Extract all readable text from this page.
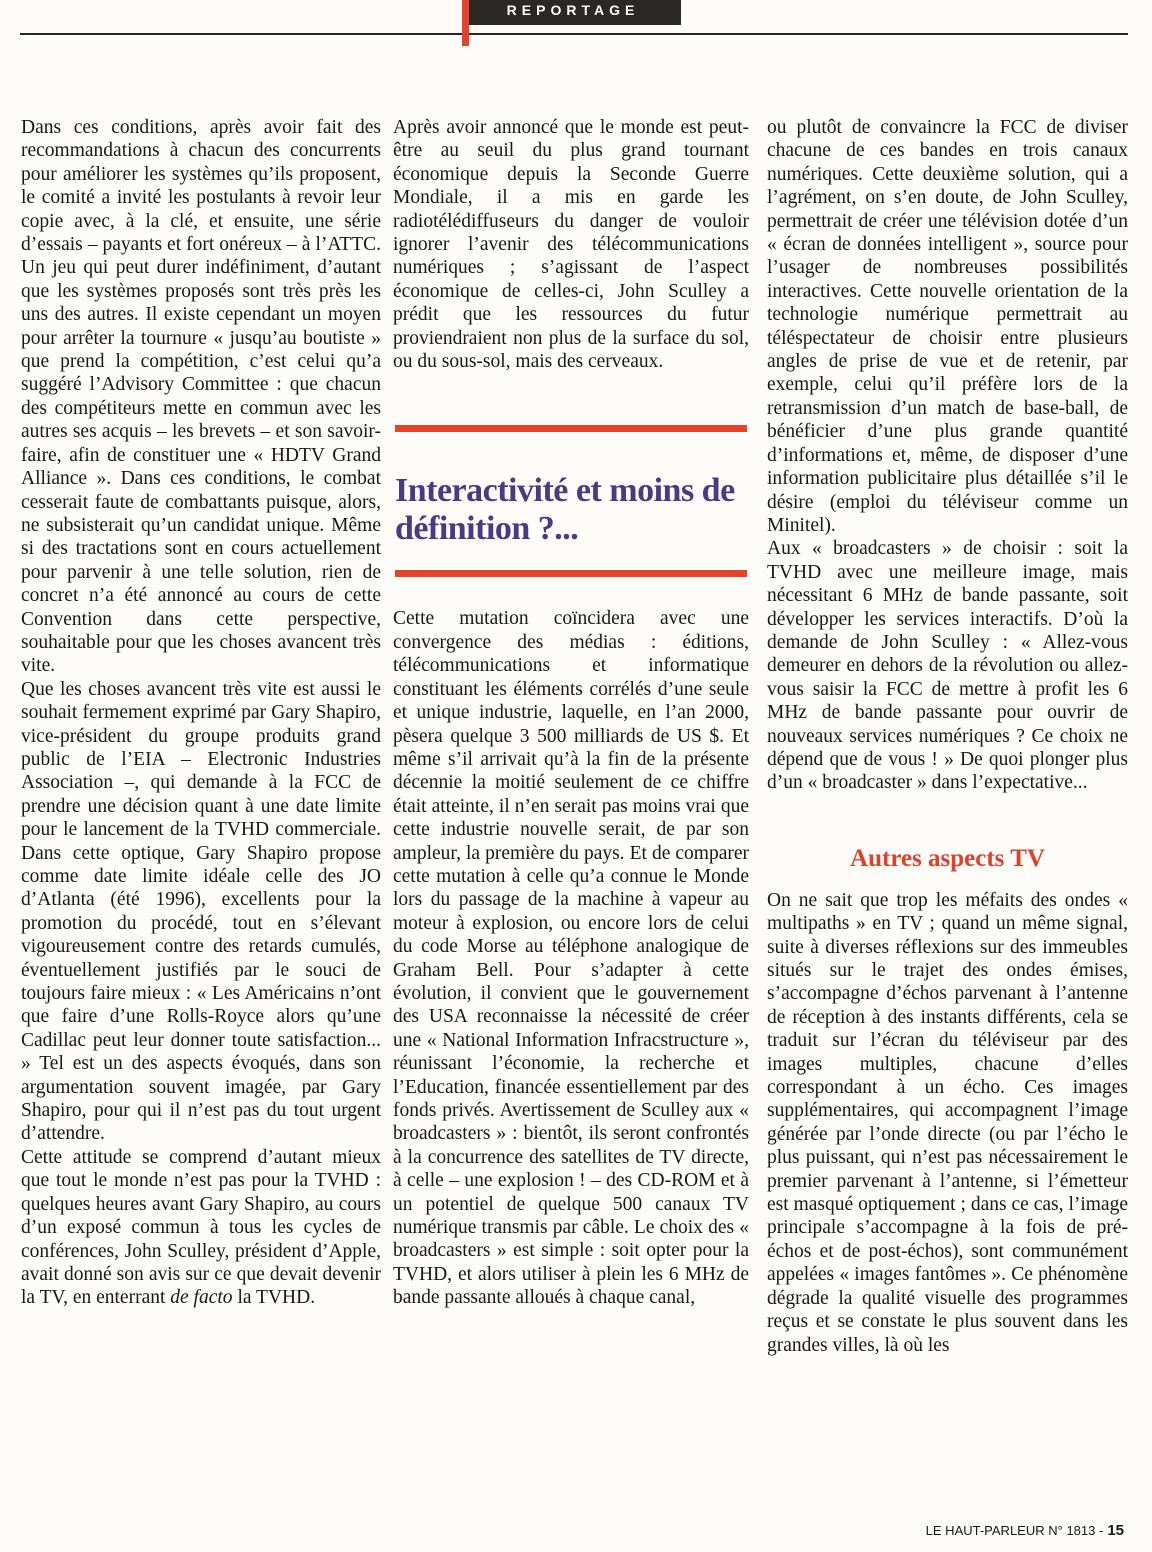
REPORTAGE

Dans ces conditions, après avoir fait des recommandations à chacun des concurrents pour améliorer les systèmes qu’ils proposent, le comité a invité les postulants à revoir leur copie avec, à la clé, et ensuite, une série d’essais – payants et fort onéreux – à l’ATTC. Un jeu qui peut durer indéfiniment, d’autant que les systèmes proposés sont très près les uns des autres. Il existe cependant un moyen pour arrêter la tournure « jusqu’au boutiste » que prend la compétition, c’est celui qu’a suggéré l’Advisory Committee : que chacun des compétiteurs mette en commun avec les autres ses acquis – les brevets – et son savoir-faire, afin de constituer une « HDTV Grand Alliance ». Dans ces conditions, le combat cesserait faute de combattants puisque, alors, ne subsisterait qu’un candidat unique. Même si des tractations sont en cours actuellement pour parvenir à une telle solution, rien de concret n’a été annoncé au cours de cette Convention dans cette perspective, souhaitable pour que les choses avancent très vite.

Que les choses avancent très vite est aussi le souhait fermement exprimé par Gary Shapiro, vice-président du groupe produits grand public de l’EIA – Electronic Industries Association –, qui demande à la FCC de prendre une décision quant à une date limite pour le lancement de la TVHD commerciale. Dans cette optique, Gary Shapiro propose comme date limite idéale celle des JO d’Atlanta (été 1996), excellents pour la promotion du procédé, tout en s’élevant vigoureusement contre des retards cumulés, éventuellement justifiés par le souci de toujours faire mieux : « Les Américains n’ont que faire d’une Rolls-Royce alors qu’une Cadillac peut leur donner toute satisfaction... » Tel est un des aspects évoqués, dans son argumentation souvent imagée, par Gary Shapiro, pour qui il n’est pas du tout urgent d’attendre.

Cette attitude se comprend d’autant mieux que tout le monde n’est pas pour la TVHD : quelques heures avant Gary Shapiro, au cours d’un exposé commun à tous les cycles de conférences, John Sculley, président d’Apple, avait donné son avis sur ce que devait devenir la TV, en enterrant de facto la TVHD.

Après avoir annoncé que le monde est peut-être au seuil du plus grand tournant économique depuis la Seconde Guerre Mondiale, il a mis en garde les radiotélédiffuseurs du danger de vouloir ignorer l’avenir des télécommunications numériques ; s’agissant de l’aspect économique de celles-ci, John Sculley a prédit que les ressources du futur proviendraient non plus de la surface du sol, ou du sous-sol, mais des cerveaux.

Interactivité et moins de définition ?...

Cette mutation coïncidera avec une convergence des médias : éditions, télécommunications et informatique constituant les éléments corrélés d’une seule et unique industrie, laquelle, en l’an 2000, pèsera quelque 3 500 milliards de US $. Et même s’il arrivait qu’à la fin de la présente décennie la moitié seulement de ce chiffre était atteinte, il n’en serait pas moins vrai que cette industrie nouvelle serait, de par son ampleur, la première du pays. Et de comparer cette mutation à celle qu’a connue le Monde lors du passage de la machine à vapeur au moteur à explosion, ou encore lors de celui du code Morse au téléphone analogique de Graham Bell. Pour s’adapter à cette évolution, il convient que le gouvernement des USA reconnaisse la nécessité de créer une « National Information Infracstructure », réunissant l’économie, la recherche et l’Education, financée essentiellement par des fonds privés. Avertissement de Sculley aux « broadcasters » : bientôt, ils seront confrontés à la concurrence des satellites de TV directe, à celle – une explosion ! – des CD-ROM et à un potentiel de quelque 500 canaux TV numérique transmis par câble. Le choix des « broadcasters » est simple : soit opter pour la TVHD, et alors utiliser à plein les 6 MHz de bande passante alloués à chaque canal,

ou plutôt de convaincre la FCC de diviser chacune de ces bandes en trois canaux numériques. Cette deuxième solution, qui a l’agrément, on s’en doute, de John Sculley, permettrait de créer une télévision dotée d’un « écran de données intelligent », source pour l’usager de nombreuses possibilités interactives. Cette nouvelle orientation de la technologie numérique permettrait au téléspectateur de choisir entre plusieurs angles de prise de vue et de retenir, par exemple, celui qu’il préfère lors de la retransmission d’un match de base-ball, de bénéficier d’une plus grande quantité d’informations et, même, de disposer d’une information publicitaire plus détaillée s’il le désire (emploi du téléviseur comme un Minitel).

Aux « broadcasters » de choisir : soit la TVHD avec une meilleure image, mais nécessitant 6 MHz de bande passante, soit développer les services interactifs. D’où la demande de John Sculley : « Allez-vous demeurer en dehors de la révolution ou allez-vous saisir la FCC de mettre à profit les 6 MHz de bande passante pour ouvrir de nouveaux services numériques ? Ce choix ne dépend que de vous ! » De quoi plonger plus d’un « broadcaster » dans l’expectative...

Autres aspects TV

On ne sait que trop les méfaits des ondes « multipaths » en TV ; quand un même signal, suite à diverses réflexions sur des immeubles situés sur le trajet des ondes émises, s’accompagne d’échos parvenant à l’antenne de réception à des instants différents, cela se traduit sur l’écran du téléviseur par des images multiples, chacune d’elles correspondant à un écho. Ces images supplémentaires, qui accompagnent l’image générée par l’onde directe (ou par l’écho le plus puissant, qui n’est pas nécessairement le premier parvenant à l’antenne, si l’émetteur est masqué optiquement ; dans ce cas, l’image principale s’accompagne à la fois de pré-échos et de post-échos), sont communément appelées « images fantômes ». Ce phénomène dégrade la qualité visuelle des programmes reçus et se constate le plus souvent dans les grandes villes, là où les

LE HAUT-PARLEUR N° 1813 - 15
